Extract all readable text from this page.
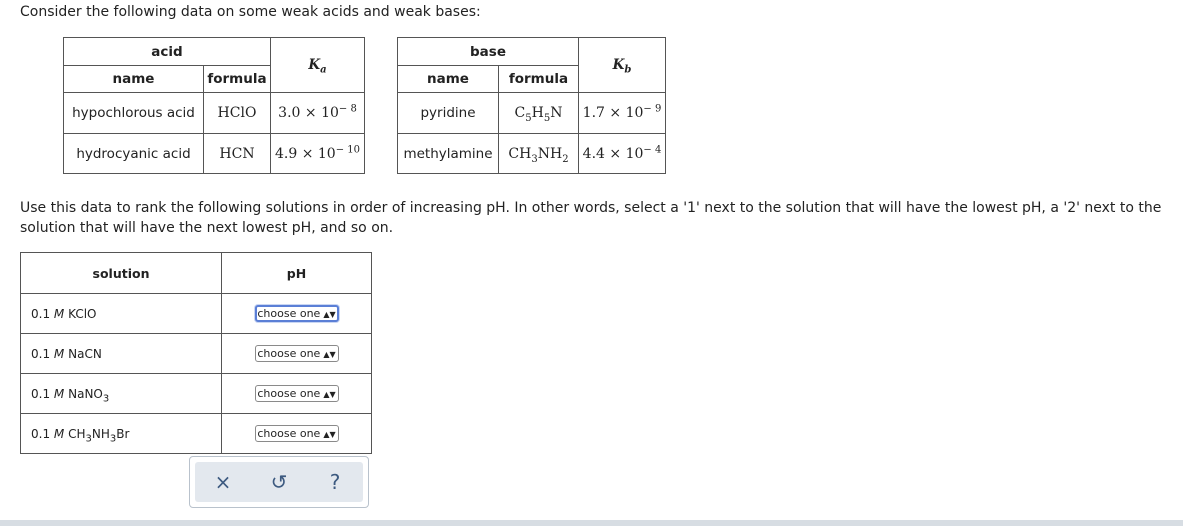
Consider the following data on some weak acids and weak bases:
acid		$K_a$
name	formula	
hypochlorous acid	HClO	$3.0 \times 10^{- 8}$
hydrocyanic acid	HCN	$4.9 \times 10^{- 10}$
base		$K_b$
name	formula	
pyridine	$C_5H_5N$	$1.7 \times 10^{- 9}$
methylamine	$CH_3NH_2$	$4.4 \times 10^{- 4}$
Use this data to rank the following solutions in order of increasing pH. In other words, select a '1' next to the solution that will have the lowest pH, a '2' next to the solution that will have the next lowest pH, and so on.
solution	pH
0.1 M KClO	choose one ▲▼
0.1 M NaCN	choose one ▲▼
0.1 M NaNO$_3$	choose one ▲▼
0.1 M $CH_3NH_3Br$	choose one ▲▼
×	↺	?
